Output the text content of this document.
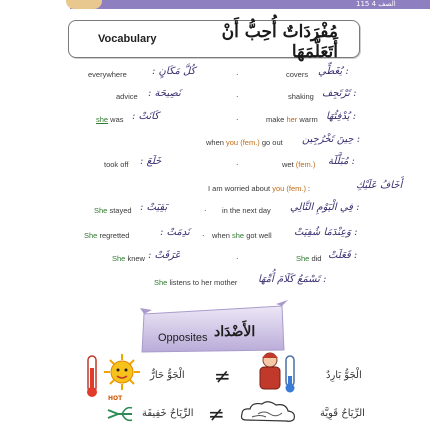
115 الصف 4
Vocabulary	مُفْرَدَاتٌ أُحِبُّ أَنْ أَتَعَلَّمَهَا
everywhere	كُلَّ مَكَانٍ :	.	covers : يُغَطِّي
advice نَصِيحَة :	.	shaking : تَرْتَجِف
she was كَانَتْ :	.	make her warm : يُدْفِئُهَا
when you (fem.) go out : حِينَ تَخْرُجِين
took off خَلَعَ :	.	wet (fem.) : مُبَلَّلَة
I am worried about you (fem.) :	أَخَافُ عَلَيْكِ
She stayed بَقِيَتْ :	. in the next day : فِي الْيَوْمِ التَّالِي
She regretted	نَدِمَتْ : . when she got well : وَعِنْدَمَا شُفِيَتْ
She knew عَرَفَتْ :	.	She did : فَعَلَتْ
She listens to her mother : تَسْمَعُ كَلَامَ أُمِّهَا
Opposites الأَضْدَاد
HOT
الْجَوُّ حَارٌّ ≠	الْجَوُّ بَارِدٌ
الرِّيَاحُ خَفِيفَة ≠	الرِّيَاحُ قَوِيَّة
